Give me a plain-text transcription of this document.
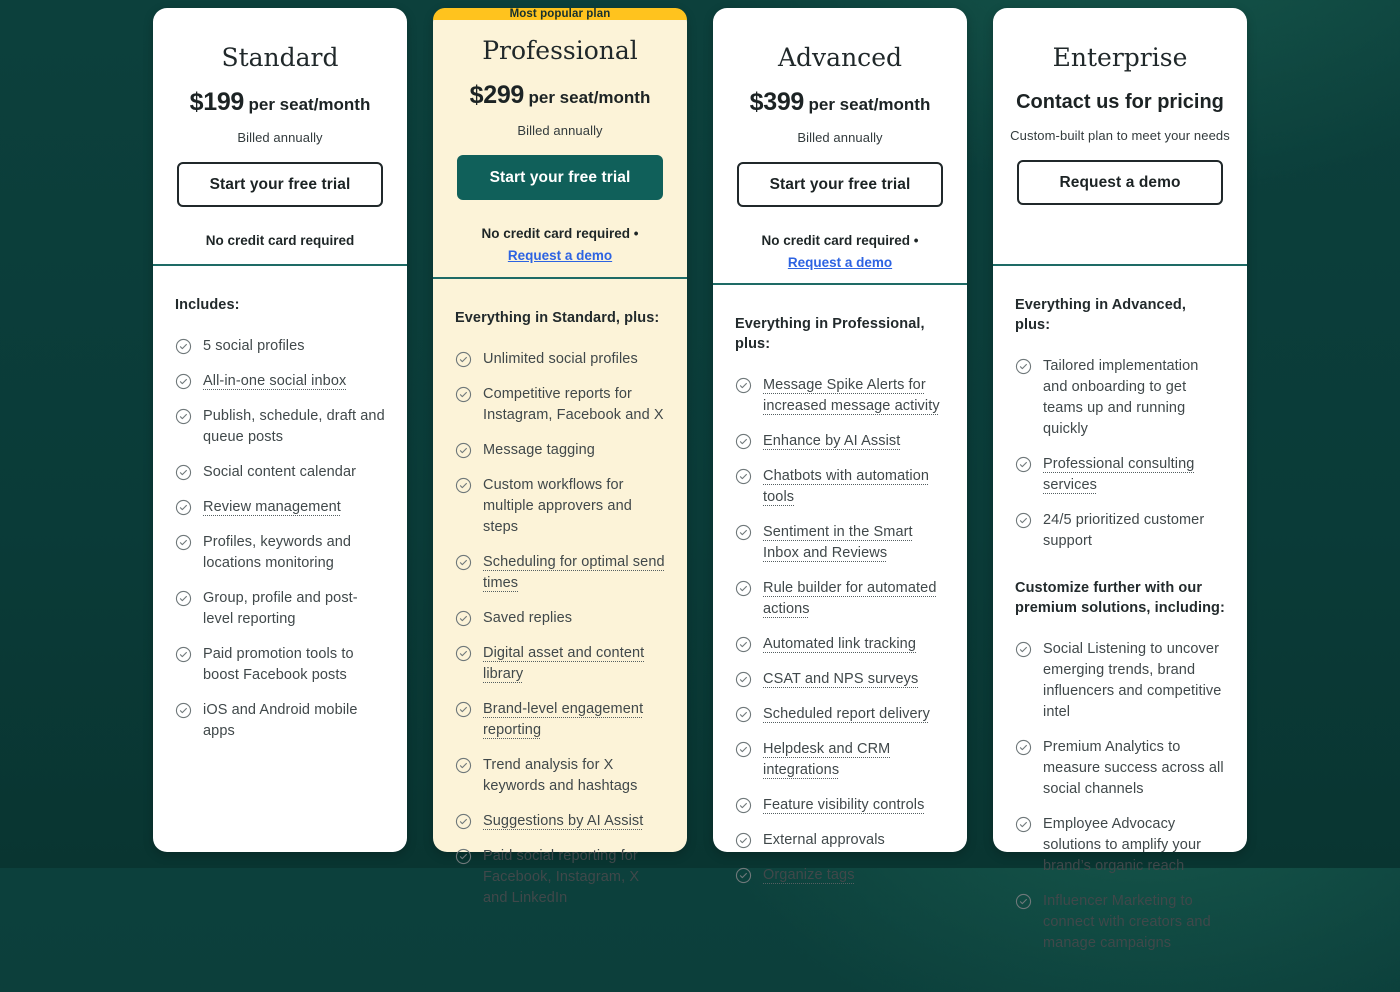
Standard
$199 per seat/month
Billed annually
Start your free trial
No credit card required
Includes:
5 social profiles
All-in-one social inbox
Publish, schedule, draft and queue posts
Social content calendar
Review management
Profiles, keywords and locations monitoring
Group, profile and post-level reporting
Paid promotion tools to boost Facebook posts
iOS and Android mobile apps
Most popular plan
Professional
$299 per seat/month
Billed annually
Start your free trial
No credit card required •
Request a demo
Everything in Standard, plus:
Unlimited social profiles
Competitive reports for Instagram, Facebook and X
Message tagging
Custom workflows for multiple approvers and steps
Scheduling for optimal send times
Saved replies
Digital asset and content library
Brand-level engagement reporting
Trend analysis for X keywords and hashtags
Suggestions by AI Assist
Paid social reporting for Facebook, Instagram, X and LinkedIn
Advanced
$399 per seat/month
Billed annually
Start your free trial
No credit card required •
Request a demo
Everything in Professional, plus:
Message Spike Alerts for increased message activity
Enhance by AI Assist
Chatbots with automation tools
Sentiment in the Smart Inbox and Reviews
Rule builder for automated actions
Automated link tracking
CSAT and NPS surveys
Scheduled report delivery
Helpdesk and CRM integrations
Feature visibility controls
External approvals
Organize tags
Enterprise
Contact us for pricing
Custom-built plan to meet your needs
Request a demo
Everything in Advanced, plus:
Tailored implementation and onboarding to get teams up and running quickly
Professional consulting services
24/5 prioritized customer support
Customize further with our premium solutions, including:
Social Listening to uncover emerging trends, brand influencers and competitive intel
Premium Analytics to measure success across all social channels
Employee Advocacy solutions to amplify your brand’s organic reach
Influencer Marketing to connect with creators and manage campaigns
